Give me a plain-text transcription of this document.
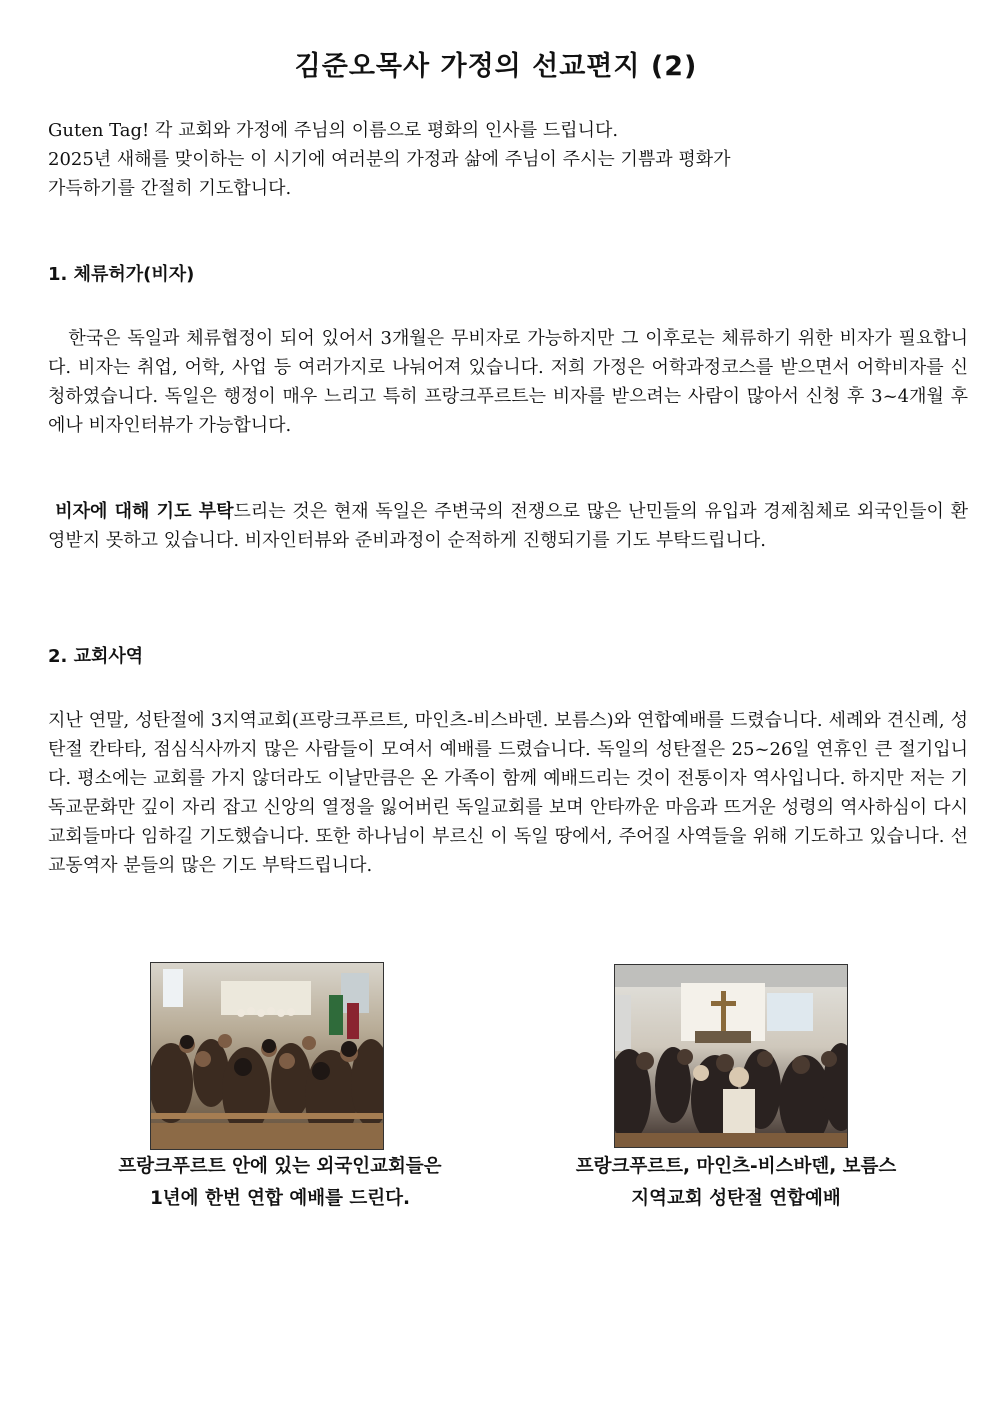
김준오목사 가정의 선교편지 (2)
Guten Tag! 각 교회와 가정에 주님의 이름으로 평화의 인사를 드립니다.
2025년 새해를 맞이하는 이 시기에 여러분의 가정과 삶에 주님이 주시는 기쁨과 평화가
가득하기를 간절히 기도합니다.
1. 체류허가(비자)

한국은 독일과 체류협정이 되어 있어서 3개월은 무비자로 가능하지만 그 이후로는 체류하기 위한 비자가 필요합니다. 비자는 취업, 어학, 사업 등 여러가지로 나눠어져 있습니다. 저희 가정은 어학과정코스를 받으면서 어학비자를 신청하였습니다. 독일은 행정이 매우 느리고 특히 프랑크푸르트는 비자를 받으려는 사람이 많아서 신청 후 3~4개월 후에나 비자인터뷰가 가능합니다.

비자에 대해 기도 부탁드리는 것은 현재 독일은 주변국의 전쟁으로 많은 난민들의 유입과 경제침체로 외국인들이 환영받지 못하고 있습니다. 비자인터뷰와 준비과정이 순적하게 진행되기를 기도 부탁드립니다.

2. 교회사역

지난 연말, 성탄절에 3지역교회(프랑크푸르트, 마인츠-비스바덴. 보름스)와 연합예배를 드렸습니다. 세례와 견신례, 성탄절 칸타타, 점심식사까지 많은 사람들이 모여서 예배를 드렸습니다. 독일의 성탄절은 25~26일 연휴인 큰 절기입니다. 평소에는 교회를 가지 않더라도 이날만큼은 온 가족이 함께 예배드리는 것이 전통이자 역사입니다. 하지만 저는 기독교문화만 깊이 자리 잡고 신앙의 열정을 잃어버린 독일교회를 보며 안타까운 마음과 뜨거운 성령의 역사하심이 다시 교회들마다 임하길 기도했습니다. 또한 하나님이 부르신 이 독일 땅에서, 주어질 사역들을 위해 기도하고 있습니다. 선교동역자 분들의 많은 기도 부탁드립니다.

프랑크푸르트 안에 있는 외국인교회들은
1년에 한번 연합 예배를 드린다.
프랑크푸르트, 마인츠-비스바덴, 보름스
지역교회 성탄절 연합예배
